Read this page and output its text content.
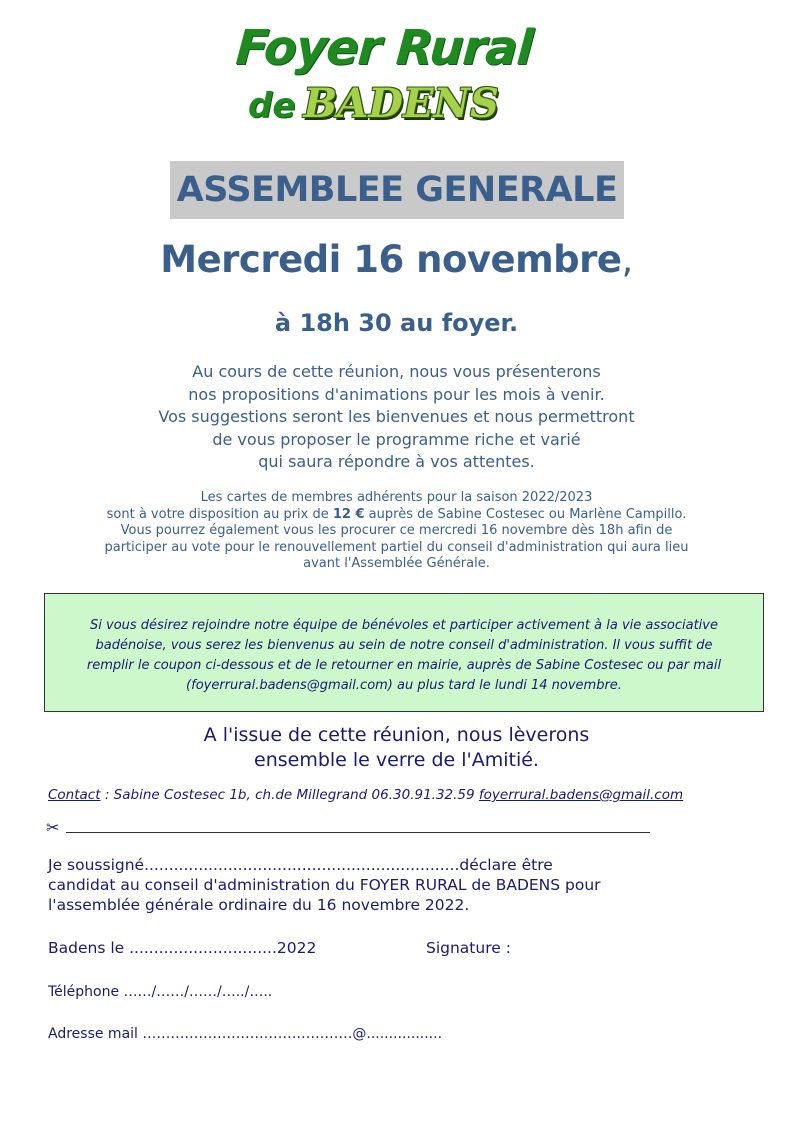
Foyer Rural
de BADENS
ASSEMBLEE GENERALE
Mercredi 16 novembre,
à 18h 30 au foyer.
Au cours de cette réunion, nous vous présenterons
nos propositions d'animations pour les mois à venir.
Vos suggestions seront les bienvenues et nous permettront
de vous proposer le programme riche et varié
qui saura répondre à vos attentes.
Les cartes de membres adhérents pour la saison 2022/2023
sont à votre disposition au prix de 12 € auprès de Sabine Costesec ou Marlène Campillo.
Vous pourrez également vous les procurer ce mercredi 16 novembre dès 18h afin de
participer au vote pour le renouvellement partiel du conseil d'administration qui aura lieu
avant l'Assemblée Générale.
Si vous désirez rejoindre notre équipe de bénévoles et participer activement à la vie associative
badénoise, vous serez les bienvenus au sein de notre conseil d'administration. Il vous suffit de
remplir le coupon ci-dessous et de le retourner en mairie, auprès de Sabine Costesec ou par mail
(foyerrural.badens@gmail.com) au plus tard le lundi 14 novembre.
A l'issue de cette réunion, nous lèverons
ensemble le verre de l'Amitié.
Contact : Sabine Costesec 1b, ch.de Millegrand 06.30.91.32.59 foyerrural.badens@gmail.com
✂
Je soussigné................................................................déclare être
candidat au conseil d'administration du FOYER RURAL de BADENS pour
l'assemblée générale ordinaire du 16 novembre 2022.
Badens le ..............................2022	Signature :
Téléphone ……/……/……/…../…..
Adresse mail ………………………………………@.................
